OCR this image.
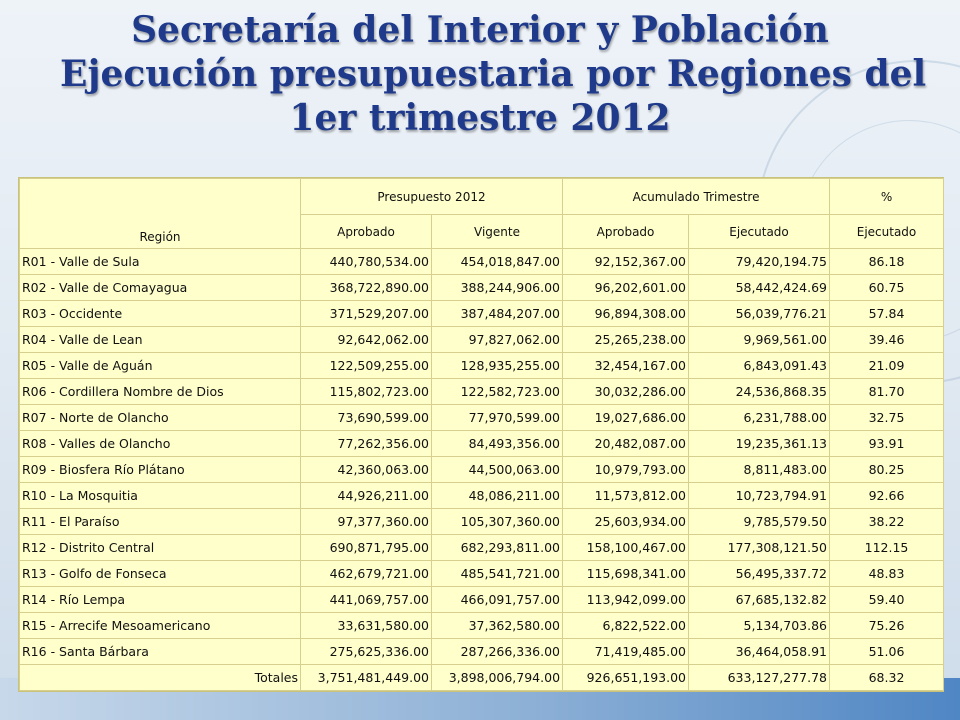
Secretaría del Interior y Población
Ejecución presupuestaria por Regiones del
1er trimestre 2012
Región	Presupuesto 2012		Acumulado Trimestre		%
	Aprobado	Vigente	Aprobado	Ejecutado	Ejecutado
R01 - Valle de Sula	440,780,534.00	454,018,847.00	92,152,367.00	79,420,194.75	86.18
R02 - Valle de Comayagua	368,722,890.00	388,244,906.00	96,202,601.00	58,442,424.69	60.75
R03 - Occidente	371,529,207.00	387,484,207.00	96,894,308.00	56,039,776.21	57.84
R04 - Valle de Lean	92,642,062.00	97,827,062.00	25,265,238.00	9,969,561.00	39.46
R05 - Valle de Aguán	122,509,255.00	128,935,255.00	32,454,167.00	6,843,091.43	21.09
R06 - Cordillera Nombre de Dios	115,802,723.00	122,582,723.00	30,032,286.00	24,536,868.35	81.70
R07 - Norte de Olancho	73,690,599.00	77,970,599.00	19,027,686.00	6,231,788.00	32.75
R08 - Valles de Olancho	77,262,356.00	84,493,356.00	20,482,087.00	19,235,361.13	93.91
R09 - Biosfera Río Plátano	42,360,063.00	44,500,063.00	10,979,793.00	8,811,483.00	80.25
R10 - La Mosquitia	44,926,211.00	48,086,211.00	11,573,812.00	10,723,794.91	92.66
R11 - El Paraíso	97,377,360.00	105,307,360.00	25,603,934.00	9,785,579.50	38.22
R12 - Distrito Central	690,871,795.00	682,293,811.00	158,100,467.00	177,308,121.50	112.15
R13 - Golfo de Fonseca	462,679,721.00	485,541,721.00	115,698,341.00	56,495,337.72	48.83
R14 - Río Lempa	441,069,757.00	466,091,757.00	113,942,099.00	67,685,132.82	59.40
R15 - Arrecife Mesoamericano	33,631,580.00	37,362,580.00	6,822,522.00	5,134,703.86	75.26
R16 - Santa Bárbara	275,625,336.00	287,266,336.00	71,419,485.00	36,464,058.91	51.06
Totales	3,751,481,449.00	3,898,006,794.00	926,651,193.00	633,127,277.78	68.32
